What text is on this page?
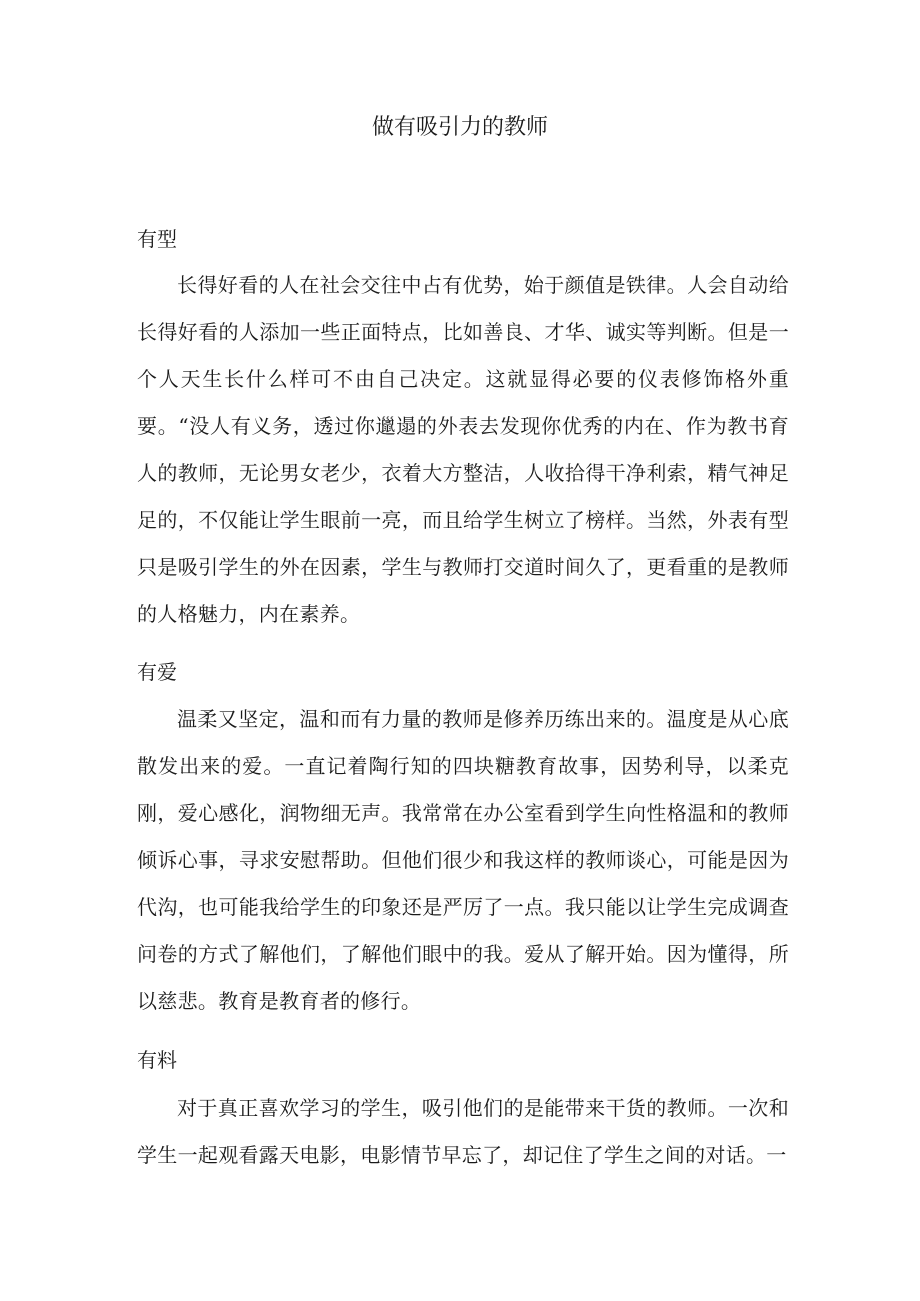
做有吸引力的教师
有型

长得好看的人在社会交往中占有优势，始于颜值是铁律。人会自动给长得好看的人添加一些正面特点，比如善良、才华、诚实等判断。但是一个人天生长什么样可不由自己决定。这就显得必要的仪表修饰格外重要。“没人有义务，透过你邋遢的外表去发现你优秀的内在、作为教书育人的教师，无论男女老少，衣着大方整洁，人收拾得干净利索，精气神足足的，不仅能让学生眼前一亮，而且给学生树立了榜样。当然，外表有型只是吸引学生的外在因素，学生与教师打交道时间久了，更看重的是教师的人格魅力，内在素养。

有爱

温柔又坚定，温和而有力量的教师是修养历练出来的。温度是从心底散发出来的爱。一直记着陶行知的四块糖教育故事，因势利导，以柔克刚，爱心感化，润物细无声。我常常在办公室看到学生向性格温和的教师倾诉心事，寻求安慰帮助。但他们很少和我这样的教师谈心，可能是因为代沟，也可能我给学生的印象还是严厉了一点。我只能以让学生完成调查问卷的方式了解他们，了解他们眼中的我。爱从了解开始。因为懂得，所以慈悲。教育是教育者的修行。

有料

对于真正喜欢学习的学生，吸引他们的是能带来干货的教师。一次和学生一起观看露天电影，电影情节早忘了，却记住了学生之间的对话。一
